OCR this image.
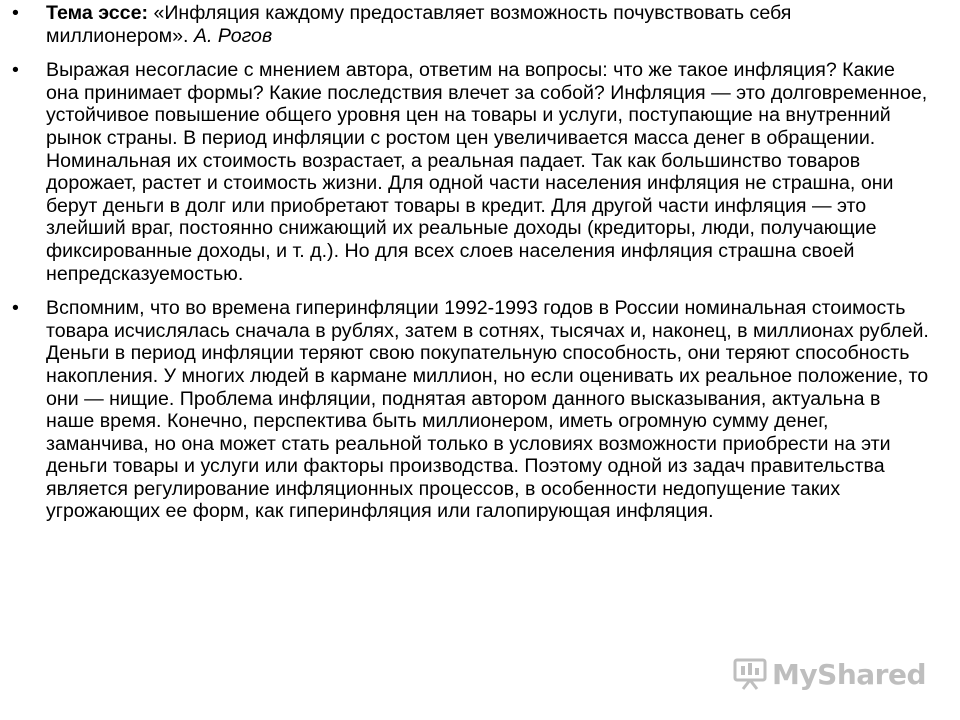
•	Тема эссе: «Инфляция каждому предоставляет возможность почувствовать себя миллионером». А. Рогов
•	Выражая несогласие с мнением автора, ответим на вопросы: что же такое инфляция? Какие она принимает формы? Какие последствия влечет за собой? Инфляция — это долговременное, устойчивое повышение общего уровня цен на товары и услуги, поступающие на внутренний рынок страны. В период инфляции с ростом цен увеличивается масса денег в обращении. Номинальная их стоимость возрастает, а реальная падает. Так как большинство товаров дорожает, растет и стоимость жизни. Для одной части населения инфляция не страшна, они берут деньги в долг или приобретают товары в кредит. Для другой части инфляция — это злейший враг, постоянно снижающий их реальные доходы (кредиторы, люди, получающие фиксированные доходы, и т. д.). Но для всех слоев населения инфляция страшна своей непредсказуемостью.
•	Вспомним, что во времена гиперинфляции 1992-1993 годов в России номинальная стоимость товара исчислялась сначала в рублях, затем в сотнях, тысячах и, наконец, в миллионах рублей. Деньги в период инфляции теряют свою покупательную способность, они теряют способность накопления. У многих людей в кармане миллион, но если оценивать их реальное положение, то они — нищие. Проблема инфляции, поднятая автором данного высказывания, актуальна в наше время. Конечно, перспектива быть миллионером, иметь огромную сумму денег, заманчива, но она может стать реальной только в условиях возможности приобрести на эти деньги товары и услуги или факторы производства. Поэтому одной из задач правительства является регулирование инфляционных процессов, в особенности недопущение таких угрожающих ее форм, как гиперинфляция или галопирующая инфляция.
MyShared
